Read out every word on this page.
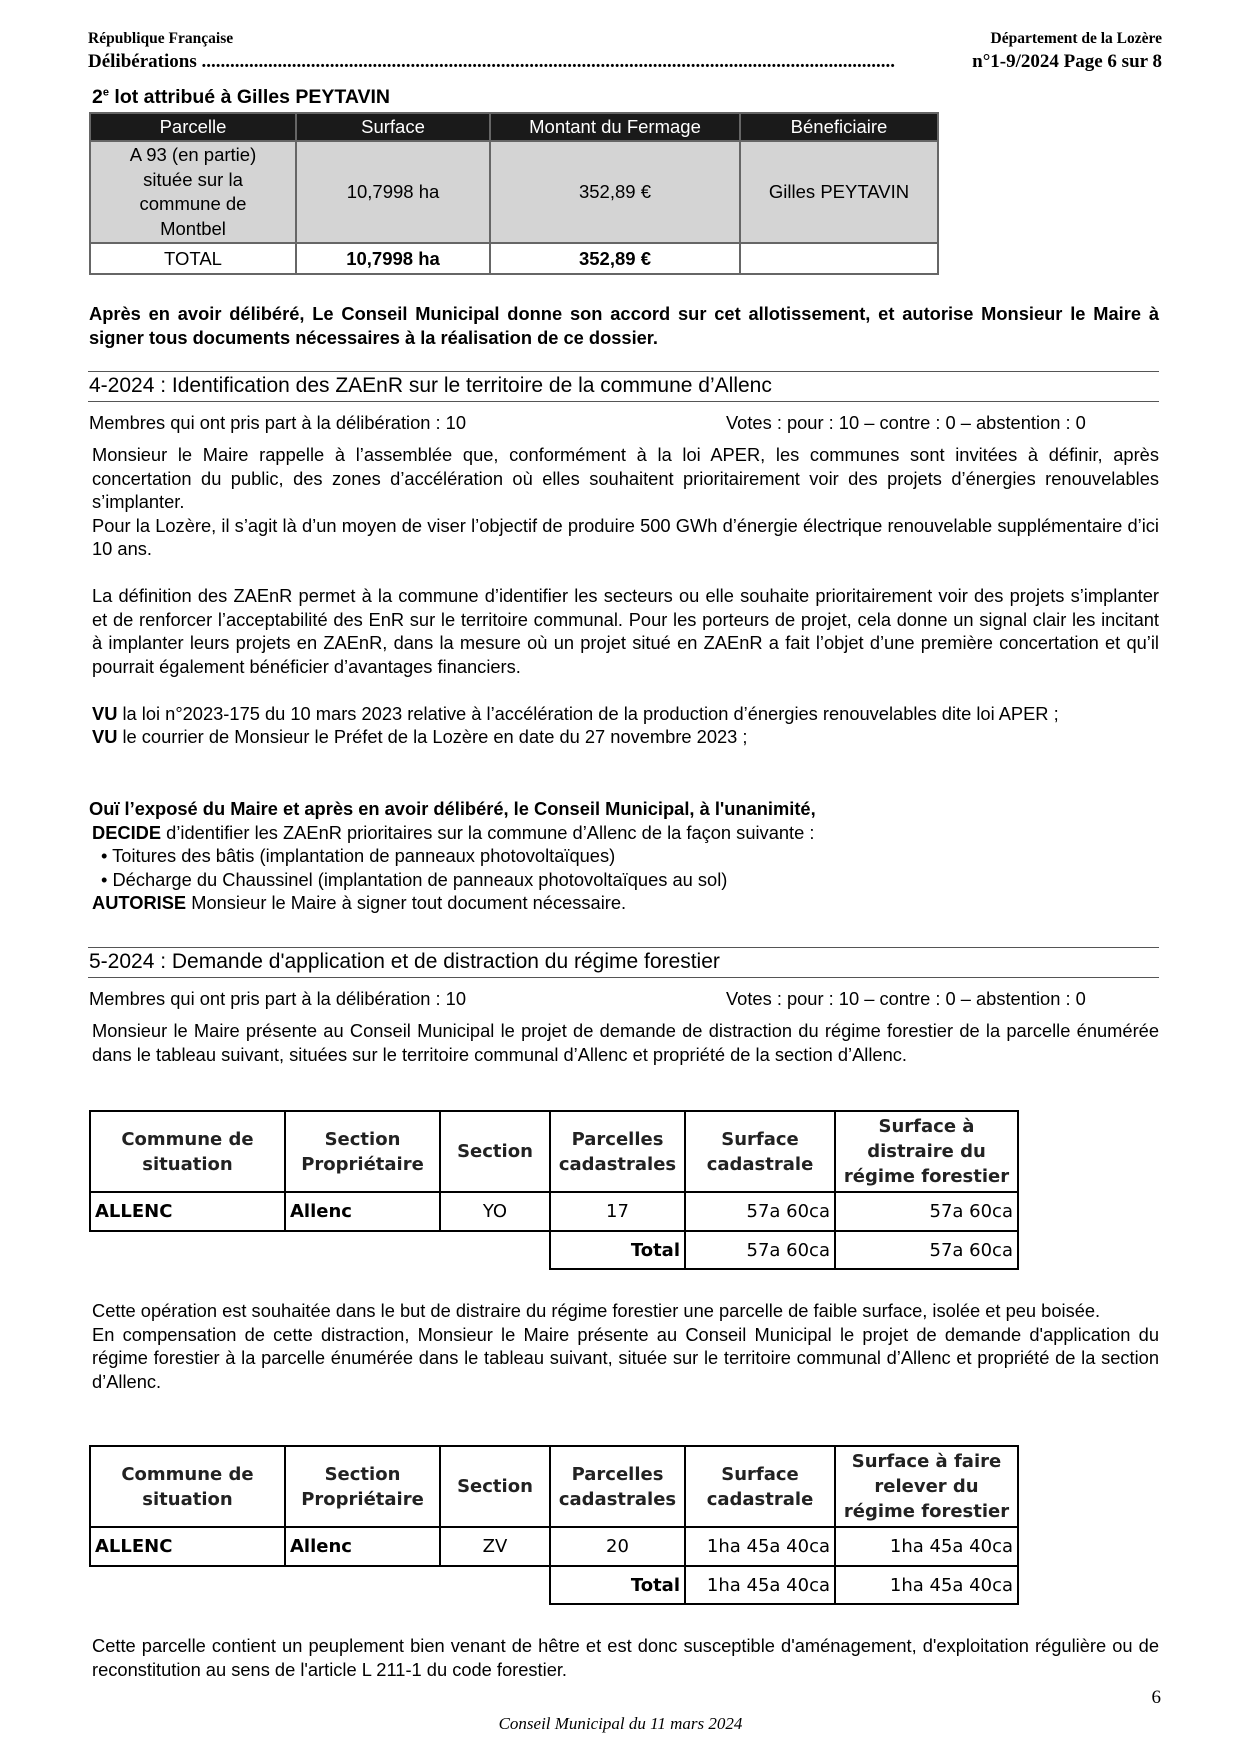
République Française	Département de la Lozère
Délibérations ..................................................................................................................................................	n°1-9/2024 Page 6 sur 8
2e lot attribué à Gilles PEYTAVIN
Parcelle	Surface	Montant du Fermage	Béneficiaire
A 93 (en partie)
située sur la
commune de
Montbel	10,7998 ha	352,89 €	Gilles PEYTAVIN
TOTAL	10,7998 ha	352,89 €	
Après en avoir délibéré, Le Conseil Municipal donne son accord sur cet allotissement, et autorise Monsieur le Maire à signer tous documents nécessaires à la réalisation de ce dossier.
4-2024 : Identification des ZAEnR sur le territoire de la commune d’Allenc
Membres qui ont pris part à la délibération : 10	Votes : pour : 10 – contre : 0 – abstention : 0
Monsieur le Maire rappelle à l’assemblée que, conformément à la loi APER, les communes sont invitées à définir, après concertation du public, des zones d’accélération où elles souhaitent prioritairement voir des projets d’énergies renouvelables s’implanter.
Pour la Lozère, il s’agit là d’un moyen de viser l’objectif de produire 500 GWh d’énergie électrique renouvelable supplémentaire d’ici 10 ans.
La définition des ZAEnR permet à la commune d’identifier les secteurs ou elle souhaite prioritairement voir des projets s’implanter et de renforcer l’acceptabilité des EnR sur le territoire communal. Pour les porteurs de projet, cela donne un signal clair les incitant à implanter leurs projets en ZAEnR, dans la mesure où un projet situé en ZAEnR a fait l’objet d’une première concertation et qu’il pourrait également bénéficier d’avantages financiers.
VU la loi n°2023-175 du 10 mars 2023 relative à l’accélération de la production d’énergies renouvelables dite loi APER ;
VU le courrier de Monsieur le Préfet de la Lozère en date du 27 novembre 2023 ;
Ouï l’exposé du Maire et après en avoir délibéré, le Conseil Municipal, à l'unanimité,
DECIDE d’identifier les ZAEnR prioritaires sur la commune d’Allenc de la façon suivante :
• Toitures des bâtis (implantation de panneaux photovoltaïques)
• Décharge du Chaussinel (implantation de panneaux photovoltaïques au sol)
AUTORISE Monsieur le Maire à signer tout document nécessaire.
5-2024 : Demande d'application et de distraction du régime forestier
Membres qui ont pris part à la délibération : 10	Votes : pour : 10 – contre : 0 – abstention : 0
Monsieur le Maire présente au Conseil Municipal le projet de demande de distraction du régime forestier de la parcelle énumérée dans le tableau suivant, situées sur le territoire communal d’Allenc et propriété de la section d’Allenc.
Commune de situation	Section Propriétaire	Section	Parcelles cadastrales	Surface cadastrale	Surface à distraire du régime forestier
ALLENC	Allenc	YO	17	57a 60ca	57a 60ca
			Total	57a 60ca	57a 60ca
Cette opération est souhaitée dans le but de distraire du régime forestier une parcelle de faible surface, isolée et peu boisée.
En compensation de cette distraction, Monsieur le Maire présente au Conseil Municipal le projet de demande d'application du régime forestier à la parcelle énumérée dans le tableau suivant, située sur le territoire communal d’Allenc et propriété de la section d’Allenc.
Commune de situation	Section Propriétaire	Section	Parcelles cadastrales	Surface cadastrale	Surface à faire relever du régime forestier
ALLENC	Allenc	ZV	20	1ha 45a 40ca	1ha 45a 40ca
			Total	1ha 45a 40ca	1ha 45a 40ca
Cette parcelle contient un peuplement bien venant de hêtre et est donc susceptible d'aménagement, d'exploitation régulière ou de reconstitution au sens de l'article L 211-1 du code forestier.
6
Conseil Municipal du 11 mars 2024
